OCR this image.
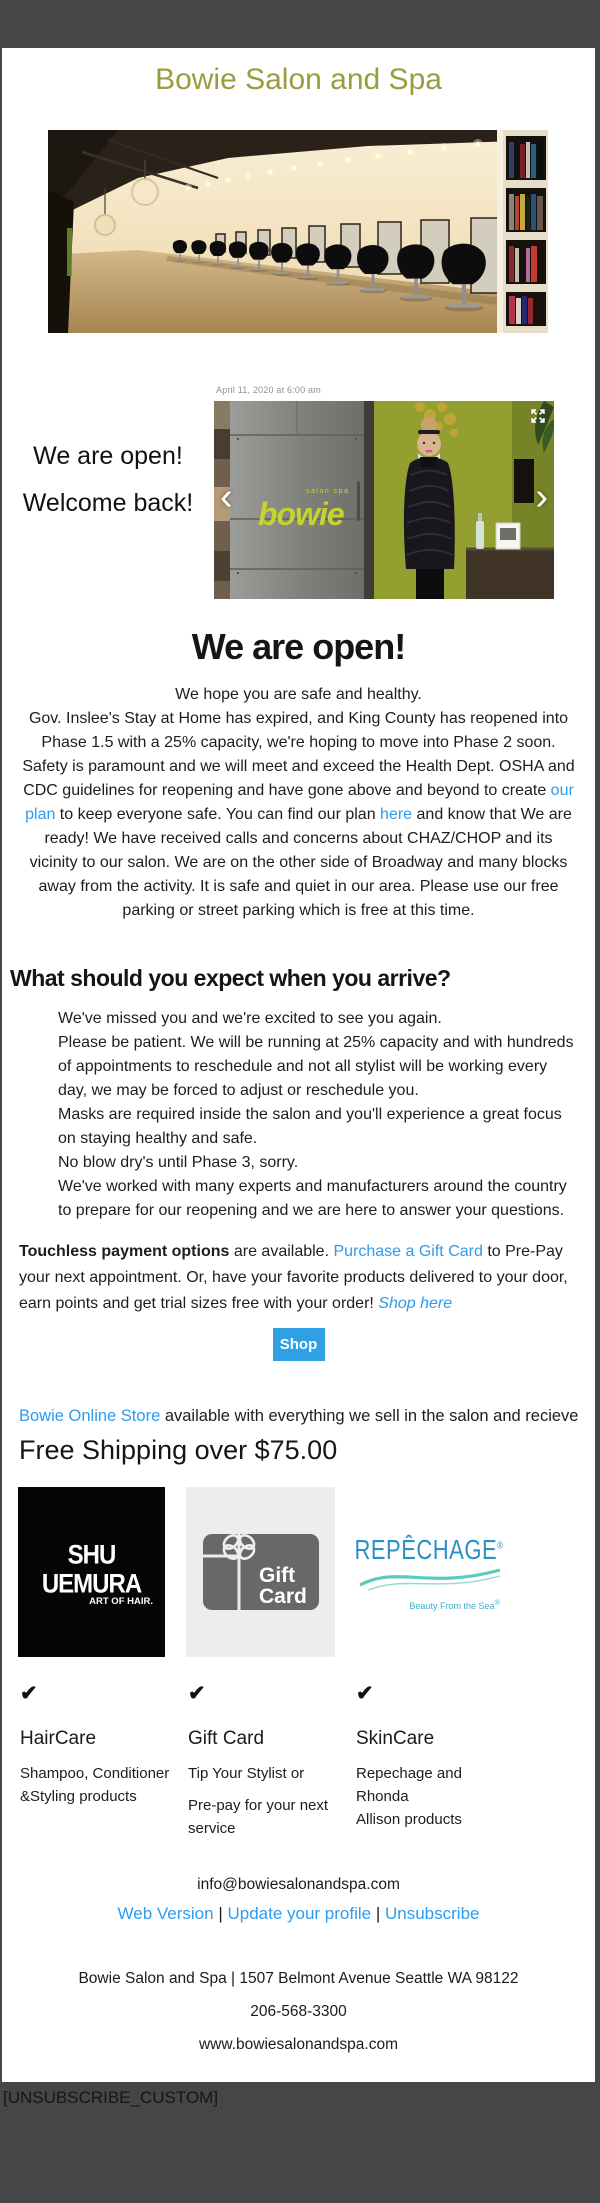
Bowie Salon and Spa
We are open!
Welcome back!
April 11, 2020 at 6:00 am
salon spa
bowie
‹	›
We are open!
We hope you are safe and healthy.
Gov. Inslee's Stay at Home has expired, and King County has reopened into Phase 1.5 with a 25% capacity, we're hoping to move into Phase 2 soon. Safety is paramount and we will meet and exceed the Health Dept. OSHA and CDC guidelines for reopening and have gone above and beyond to create our plan to keep everyone safe. You can find our plan here and know that We are ready! We have received calls and concerns about CHAZ/CHOP and its vicinity to our salon. We are on the other side of Broadway and many blocks away from the activity. It is safe and quiet in our area. Please use our free parking or street parking which is free at this time.
What should you expect when you arrive?
We've missed you and we're excited to see you again.
Please be patient. We will be running at 25% capacity and with hundreds of appointments to reschedule and not all stylist will be working every day, we may be forced to adjust or reschedule you.
Masks are required inside the salon and you'll experience a great focus on staying healthy and safe.
No blow dry's until Phase 3, sorry.
We've worked with many experts and manufacturers around the country to prepare for our reopening and we are here to answer your questions.
Touchless payment options are available. Purchase a Gift Card to Pre-Pay your next appointment. Or, have your favorite products delivered to your door, earn points and get trial sizes free with your order! Shop here
Shop
Bowie Online Store available with everything we sell in the salon and recieve
Free Shipping over $75.00
SHU UEMURA
ART OF HAIR.
✔
HairCare
Shampoo, Conditioner
&Styling products
Gift
Card
✔
Gift Card
Tip Your Stylist or
Pre-pay for your next service
REPÊCHAGE®
Beauty From the Sea®
✔
SkinCare
Repechage and Rhonda
Allison products
info@bowiesalonandspa.com
Web Version | Update your profile | Unsubscribe
Bowie Salon and Spa | 1507 Belmont Avenue Seattle WA 98122
206-568-3300
www.bowiesalonandspa.com
[UNSUBSCRIBE_CUSTOM]
